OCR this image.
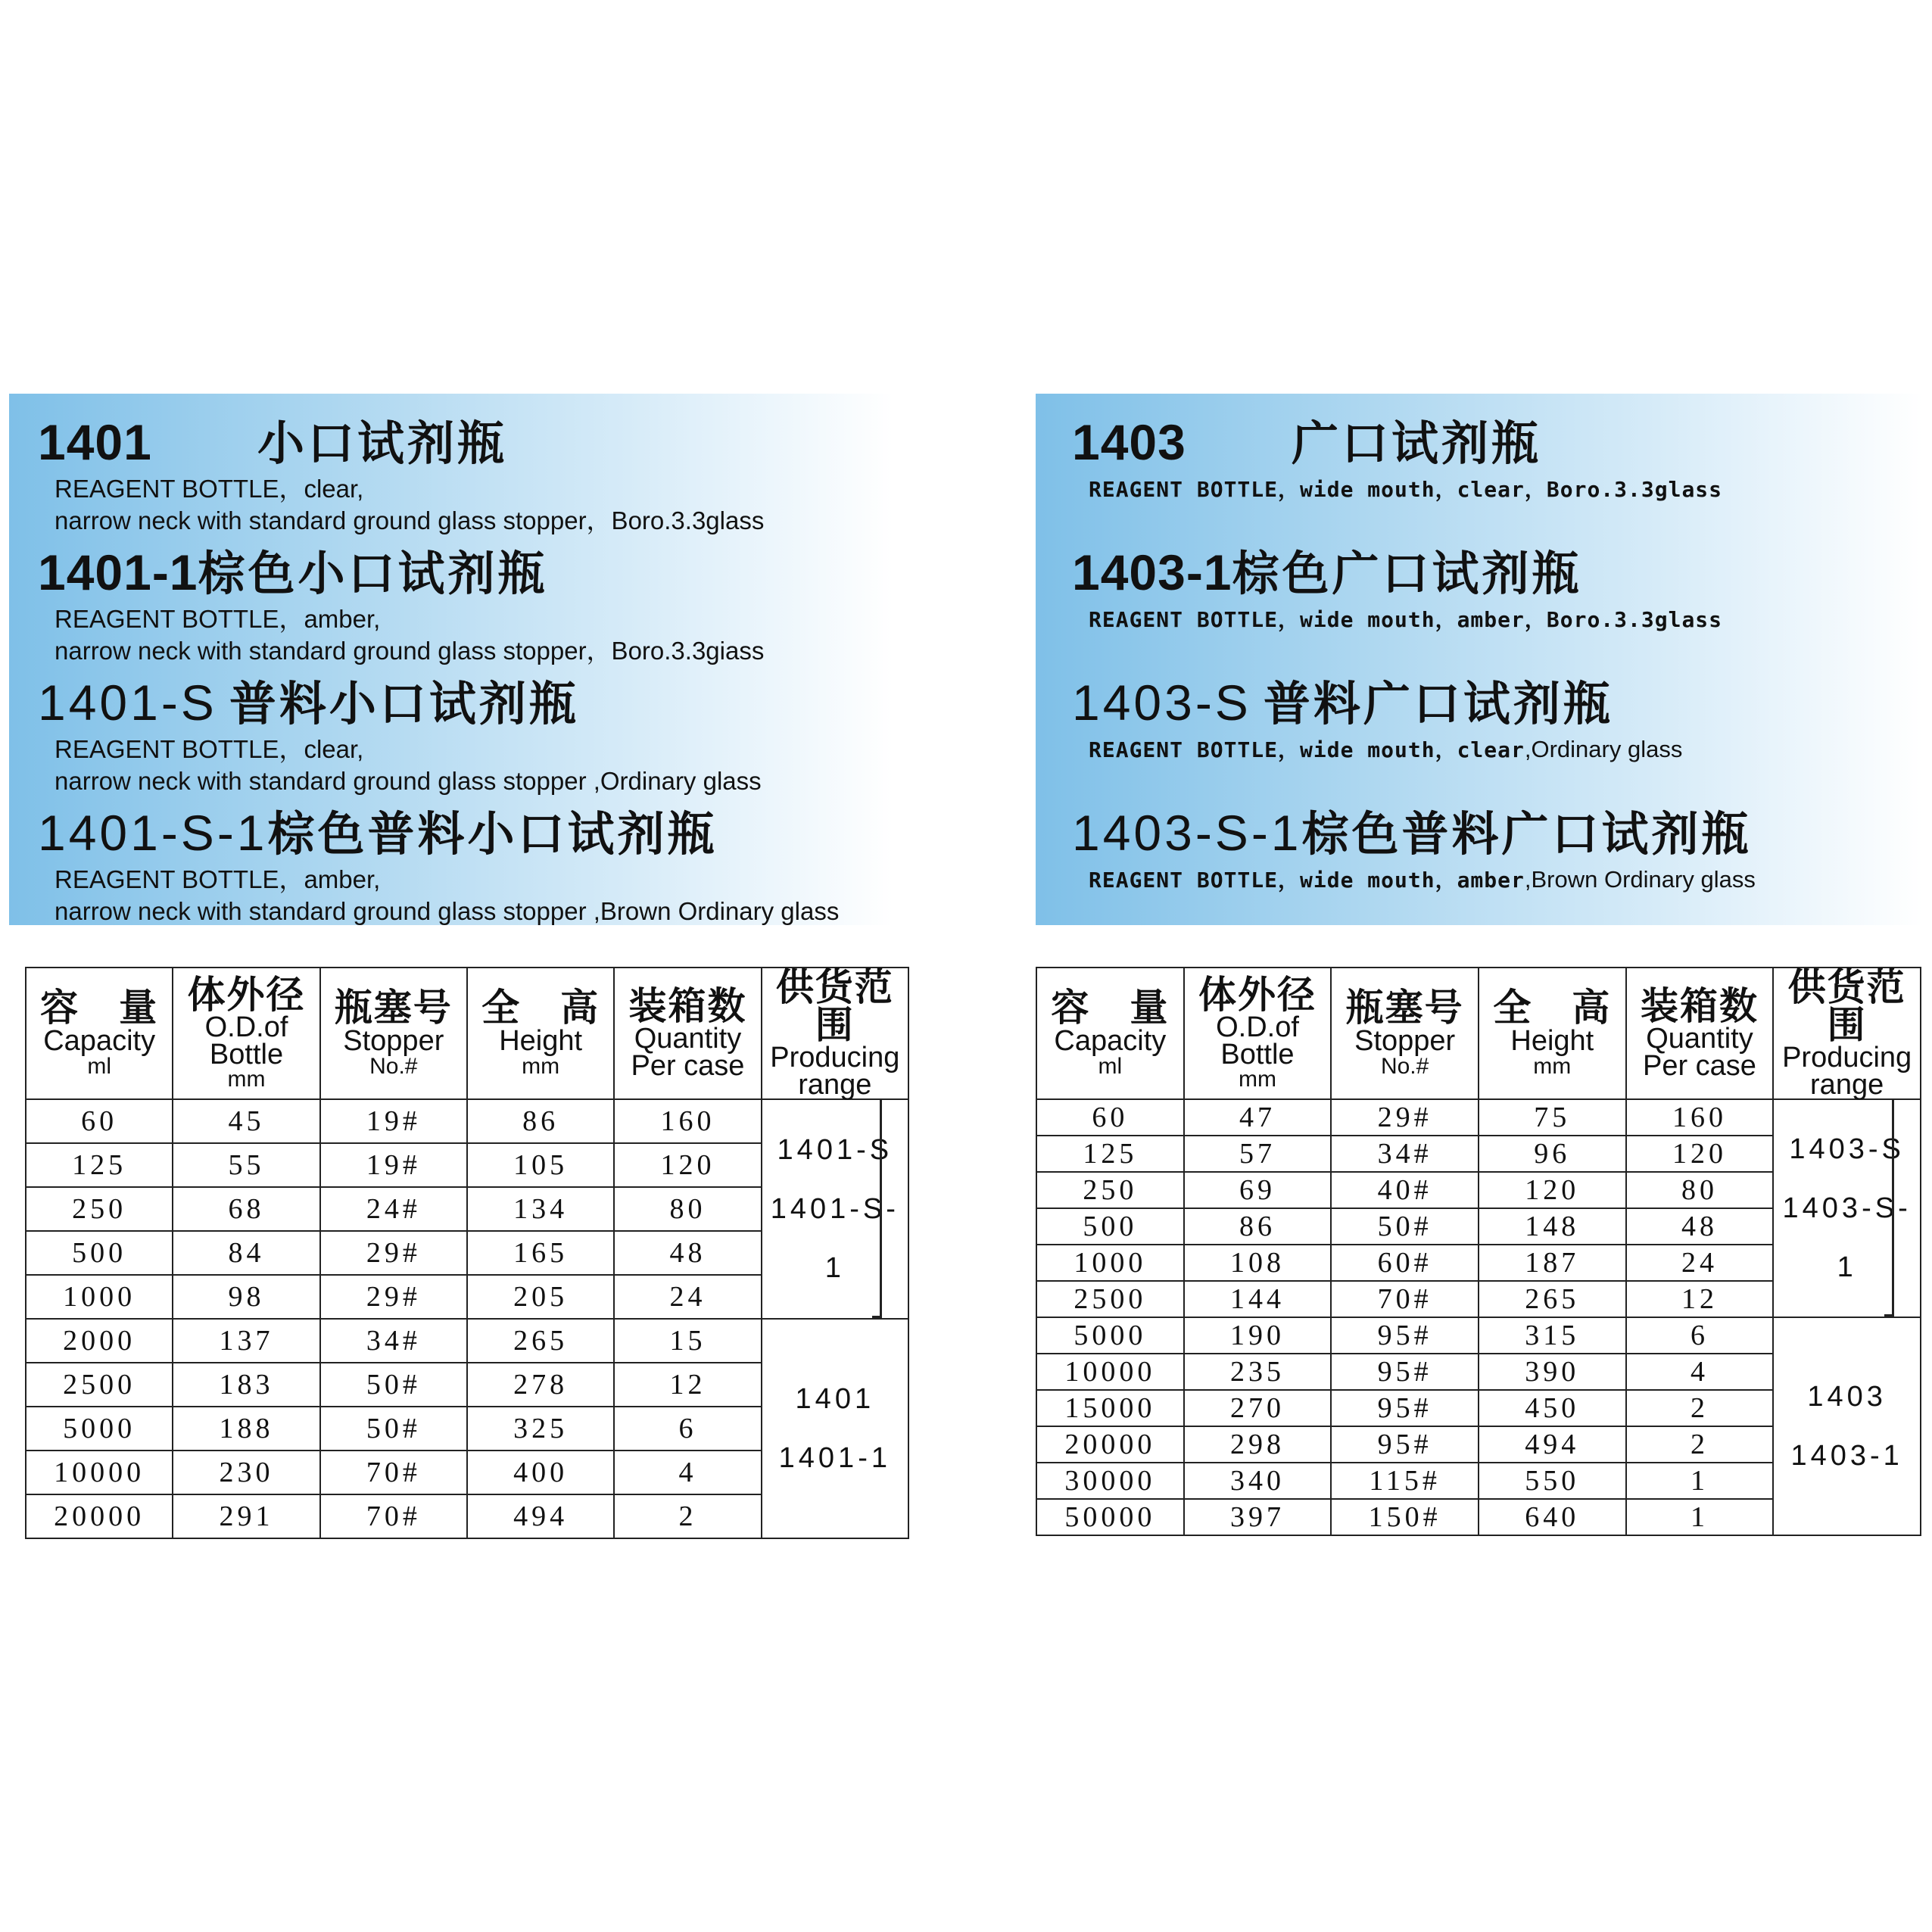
1401	小口试剂瓶
REAGENT BOTTLE，clear,
narrow neck with standard ground glass stopper，Boro.3.3glass
1401-1 棕色小口试剂瓶
REAGENT BOTTLE，amber,
narrow neck with standard ground glass stopper，Boro.3.3giass
1401-S 普料小口试剂瓶
REAGENT BOTTLE，clear,
narrow neck with standard ground glass stopper ,Ordinary glass
1401-S-1 棕色普料小口试剂瓶
REAGENT BOTTLE，amber,
narrow neck with standard ground glass stopper ,Brown Ordinary glass
1403	广口试剂瓶
REAGENT BOTTLE，wide mouth，clear，Boro.3.3glass
1403-1 棕色广口试剂瓶
REAGENT BOTTLE，wide mouth，amber，Boro.3.3glass
1403-S 普料广口试剂瓶
REAGENT BOTTLE，wide mouth，clear,Ordinary glass
1403-S-1 棕色普料广口试剂瓶
REAGENT BOTTLE，wide mouth，amber,Brown Ordinary glass
容　量
Capacity
ml	体外径
O.D.of
Bottle
mm	瓶塞号
Stopper
No.#	全　高
Height
mm	装箱数
Quantity
Per case	供货范围
Producing
range

60	45	19#	86	160	1401-S
1401-S-1

125	55	19#	105	120	
250	68	24#	134	80	
500	84	29#	165	48	
1000	98	29#	205	24	
2000	137	34#	265	15	1401
1401-1

2500	183	50#	278	12	
5000	188	50#	325	6	
10000	230	70#	400	4	
20000	291	70#	494	2	
容　量
Capacity
ml	体外径
O.D.of
Bottle
mm	瓶塞号
Stopper
No.#	全　高
Height
mm	装箱数
Quantity
Per case	供货范围
Producing
range

60	47	29#	75	160	1403-S
1403-S-1

125	57	34#	96	120	
250	69	40#	120	80	
500	86	50#	148	48	
1000	108	60#	187	24	
2500	144	70#	265	12	
5000	190	95#	315	6	1403
1403-1

10000	235	95#	390	4	
15000	270	95#	450	2	
20000	298	95#	494	2	
30000	340	115#	550	1	
50000	397	150#	640	1	
